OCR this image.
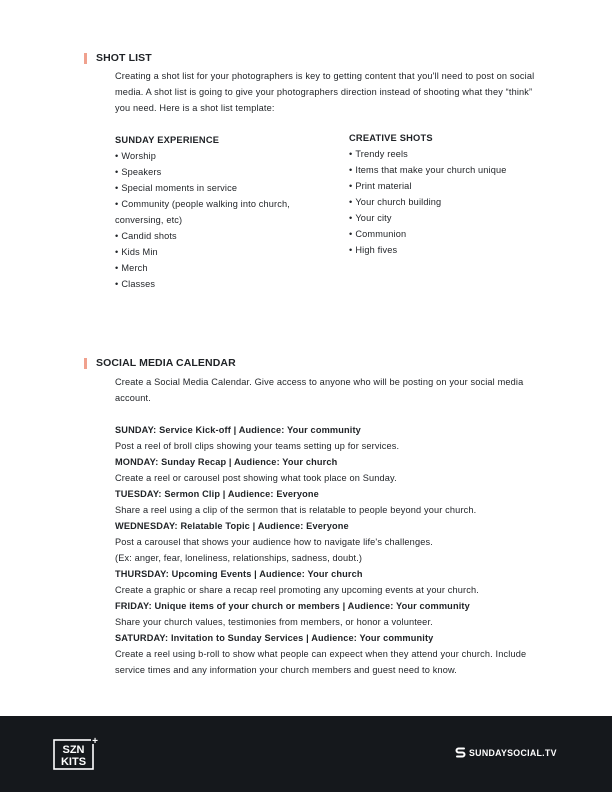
SHOT LIST

Creating a shot list for your photographers is key to getting content that you'll need to post on social media. A shot list is going to give your photographers direction instead of shooting what they “think” you need. Here is a shot list template:

SUNDAY EXPERIENCE
• Worship
• Speakers
• Special moments in service
• Community (people walking into church, conversing, etc)
• Candid shots
• Kids Min
• Merch
• Classes
CREATIVE SHOTS
• Trendy reels
• Items that make your church unique
• Print material
• Your church building
• Your city
• Communion
• High fives
SOCIAL MEDIA CALENDAR

Create a Social Media Calendar. Give access to anyone who will be posting on your social media account.

SUNDAY: Service Kick-off | Audience: Your community

Post a reel of broll clips showing your teams setting up for services.

MONDAY: Sunday Recap | Audience: Your church

Create a reel or carousel post showing what took place on Sunday.

TUESDAY: Sermon Clip | Audience: Everyone

Share a reel using a clip of the sermon that is relatable to people beyond your church.

WEDNESDAY: Relatable Topic | Audience: Everyone

Post a carousel that shows your audience how to navigate life's challenges.

(Ex: anger, fear, loneliness, relationships, sadness, doubt.)

THURSDAY: Upcoming Events | Audience: Your church

Create a graphic or share a recap reel promoting any upcoming events at your church.

FRIDAY: Unique items of your church or members | Audience: Your community

Share your church values, testimonies from members, or honor a volunteer.

SATURDAY: Invitation to Sunday Services | Audience: Your community

Create a reel using b-roll to show what people can expeect when they attend your church. Include service times and any information your church members and guest need to know.

SZN
KITS
+
SUNDAYSOCIAL.TV
